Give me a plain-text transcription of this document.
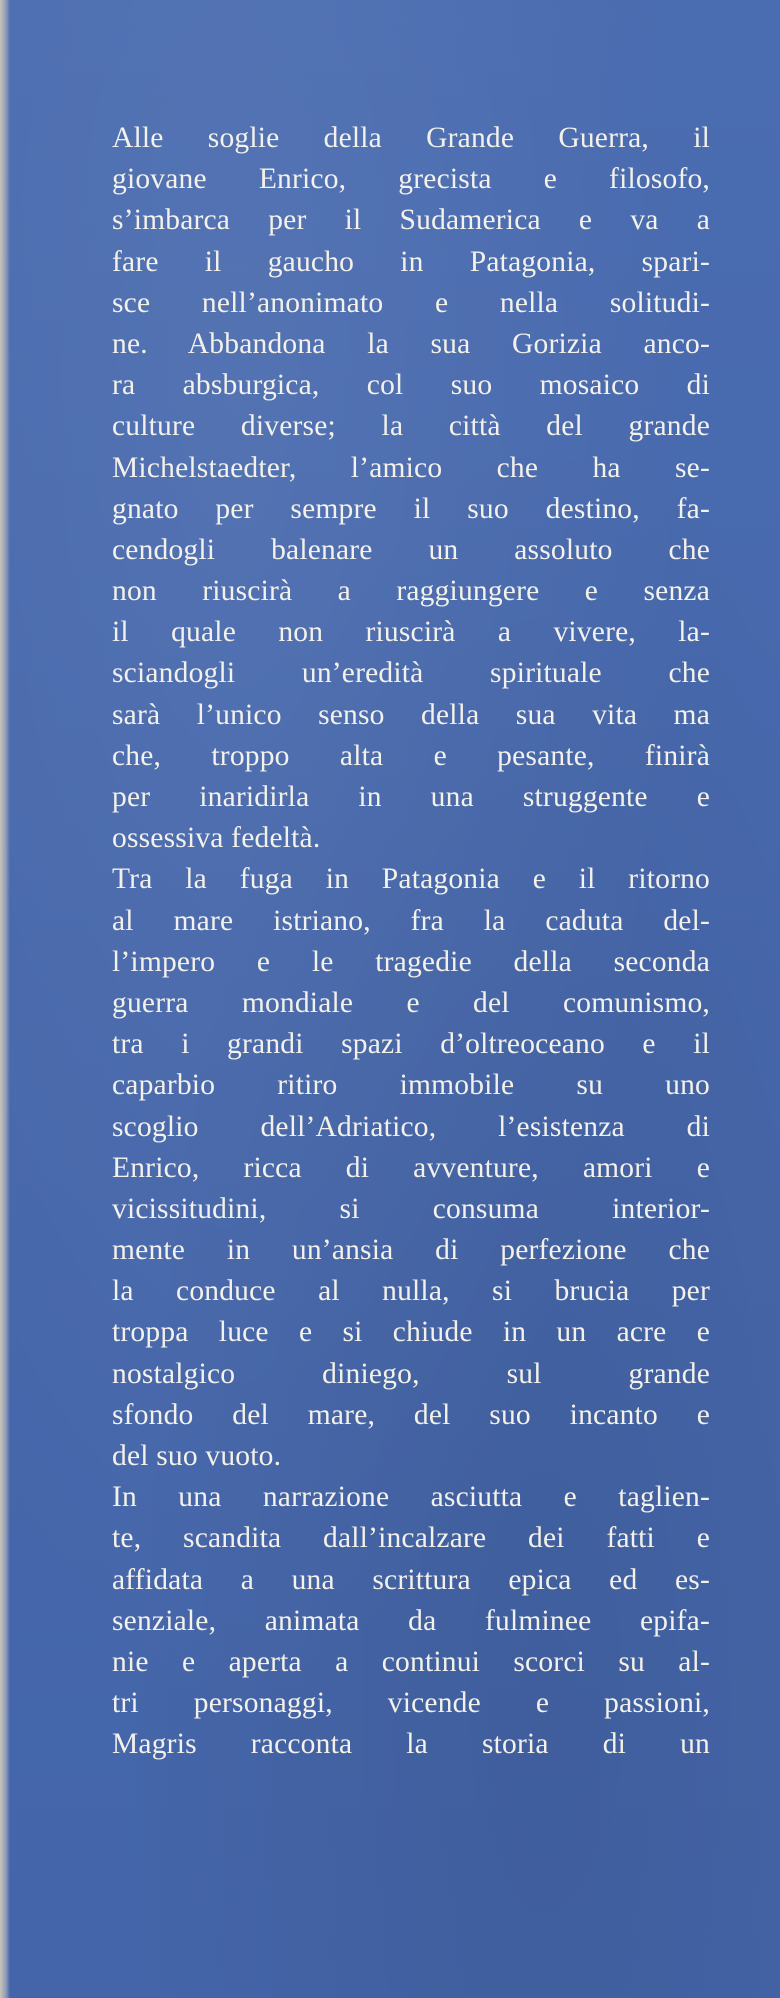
Alle soglie della Grande Guerra, il
giovane Enrico, grecista e filosofo,
s’imbarca per il Sudamerica e va a
fare il gaucho in Patagonia, spari-
sce nell’anonimato e nella solitudi-
ne. Abbandona la sua Gorizia anco-
ra absburgica, col suo mosaico di
culture diverse; la città del grande
Michelstaedter, l’amico che ha se-
gnato per sempre il suo destino, fa-
cendogli balenare un assoluto che
non riuscirà a raggiungere e senza
il quale non riuscirà a vivere, la-
sciandogli un’eredità spirituale che
sarà l’unico senso della sua vita ma
che, troppo alta e pesante, finirà
per inaridirla in una struggente e
ossessiva fedeltà.
Tra la fuga in Patagonia e il ritorno
al mare istriano, fra la caduta del-
l’impero e le tragedie della seconda
guerra mondiale e del comunismo,
tra i grandi spazi d’oltreoceano e il
caparbio ritiro immobile su uno
scoglio dell’Adriatico, l’esistenza di
Enrico, ricca di avventure, amori e
vicissitudini, si consuma interior-
mente in un’ansia di perfezione che
la conduce al nulla, si brucia per
troppa luce e si chiude in un acre e
nostalgico diniego, sul grande
sfondo del mare, del suo incanto e
del suo vuoto.
In una narrazione asciutta e taglien-
te, scandita dall’incalzare dei fatti e
affidata a una scrittura epica ed es-
senziale, animata da fulminee epifa-
nie e aperta a continui scorci su al-
tri personaggi, vicende e passioni,
Magris racconta la storia di un
